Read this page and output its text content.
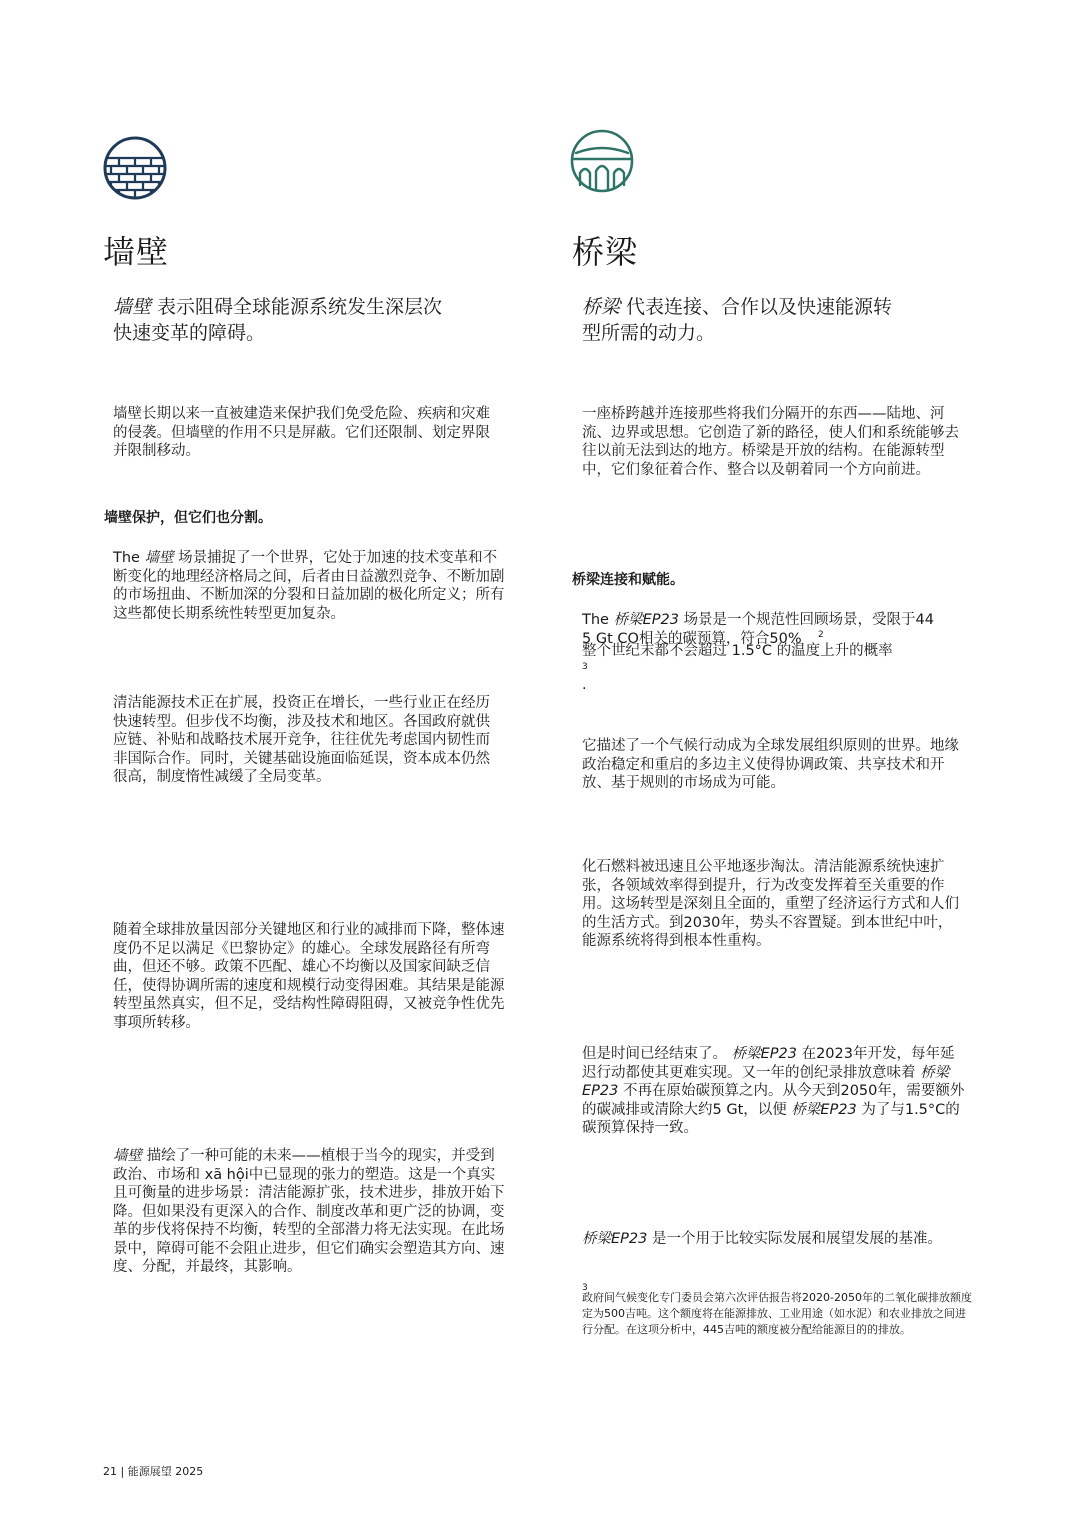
墙壁
墙壁 表示阻碍全球能源系统发生深层次
快速变革的障碍。
墙壁长期以来一直被建造来保护我们免受危险、疾病和灾难的侵袭。但墙壁的作用不只是屏蔽。它们还限制、划定界限并限制移动。
墙壁保护，但它们也分割。
The 墙壁 场景捕捉了一个世界，它处于加速的技术变革和不断变化的地理经济格局之间，后者由日益激烈竞争、不断加剧的市场扭曲、不断加深的分裂和日益加剧的极化所定义；所有这些都使长期系统性转型更加复杂。
清洁能源技术正在扩展，投资正在增长，一些行业正在经历快速转型。但步伐不均衡，涉及技术和地区。各国政府就供应链、补贴和战略技术展开竞争，往往优先考虑国内韧性而非国际合作。同时，关键基础设施面临延误，资本成本仍然很高，制度惰性减缓了全局变革。
随着全球排放量因部分关键地区和行业的减排而下降，整体速度仍不足以满足《巴黎协定》的雄心。全球发展路径有所弯曲，但还不够。政策不匹配、雄心不均衡以及国家间缺乏信任，使得协调所需的速度和规模行动变得困难。其结果是能源转型虽然真实，但不足，受结构性障碍阻碍，又被竞争性优先事项所转移。
墙壁 描绘了一种可能的未来——植根于当今的现实，并受到政治、市场和 xã hội中已显现的张力的塑造。这是一个真实且可衡量的进步场景：清洁能源扩张，技术进步，排放开始下降。但如果没有更深入的合作、制度改革和更广泛的协调，变革的步伐将保持不均衡，转型的全部潜力将无法实现。在此场景中，障碍可能不会阻止进步，但它们确实会塑造其方向、速度、分配，并最终，其影响。
桥梁
桥梁 代表连接、合作以及快速能源转
型所需的动力。
一座桥跨越并连接那些将我们分隔开的东西——陆地、河流、边界或思想。它创造了新的路径，使人们和系统能够去往以前无法到达的地方。桥梁是开放的结构。在能源转型中，它们象征着合作、整合以及朝着同一个方向前进。
桥梁连接和赋能。
The 桥梁EP23 场景是一个规范性回顾场景，受限于44
5 Gt CO相关的碳预算，符合50% 2
整个世纪末都不会超过 1.5°C 的温度上升的概率
3
.
它描述了一个气候行动成为全球发展组织原则的世界。地缘政治稳定和重启的多边主义使得协调政策、共享技术和开放、基于规则的市场成为可能。
化石燃料被迅速且公平地逐步淘汰。清洁能源系统快速扩张，各领域效率得到提升，行为改变发挥着至关重要的作用。这场转型是深刻且全面的，重塑了经济运行方式和人们的生活方式。到2030年，势头不容置疑。到本世纪中叶，能源系统将得到根本性重构。
但是时间已经结束了。 桥梁EP23 在2023年开发，每年延迟行动都使其更难实现。又一年的创纪录排放意味着 桥梁EP23 不再在原始碳预算之内。从今天到2050年，需要额外的碳减排或清除大约5 Gt，以便 桥梁EP23 为了与1.5°C的碳预算保持一致。
桥梁EP23 是一个用于比较实际发展和展望发展的基准。
3
政府间气候变化专门委员会第六次评估报告将2020-2050年的二氧化碳排放额度定为500吉吨。这个额度将在能源排放、工业用途（如水泥）和农业排放之间进行分配。在这项分析中，445吉吨的额度被分配给能源目的的排放。
21 | 能源展望 2025
